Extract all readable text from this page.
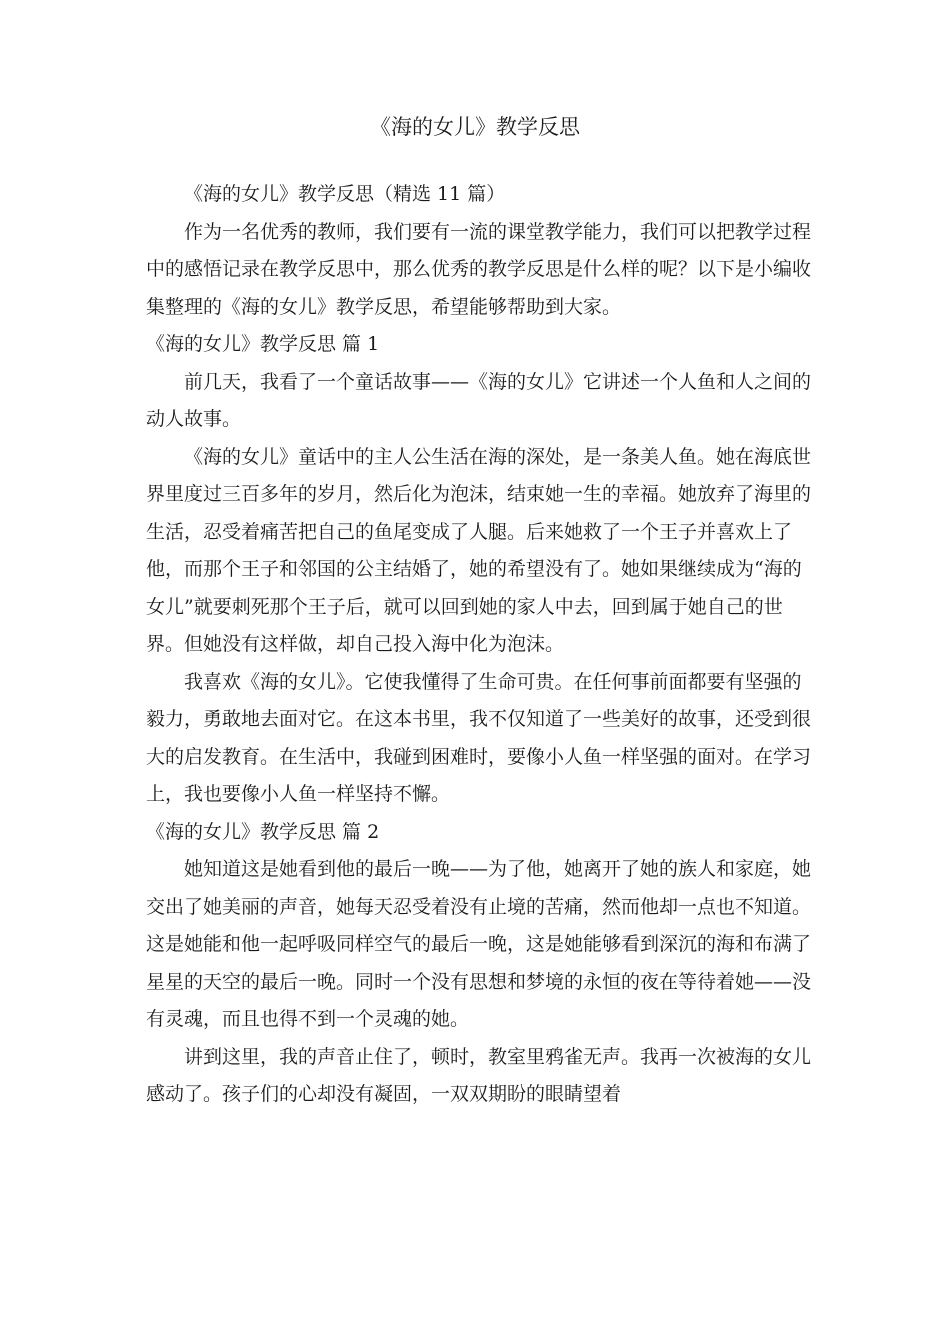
《海的女儿》教学反思

《海的女儿》教学反思（精选 11 篇）

作为一名优秀的教师，我们要有一流的课堂教学能力，我们可以把教学过程中的感悟记录在教学反思中，那么优秀的教学反思是什么样的呢？以下是小编收集整理的《海的女儿》教学反思，希望能够帮助到大家。

《海的女儿》教学反思 篇 1

前几天，我看了一个童话故事——《海的女儿》它讲述一个人鱼和人之间的动人故事。

《海的女儿》童话中的主人公生活在海的深处，是一条美人鱼。她在海底世界里度过三百多年的岁月，然后化为泡沫，结束她一生的幸福。她放弃了海里的生活，忍受着痛苦把自己的鱼尾变成了人腿。后来她救了一个王子并喜欢上了他，而那个王子和邻国的公主结婚了，她的希望没有了。她如果继续成为“海的女儿”就要刺死那个王子后，就可以回到她的家人中去，回到属于她自己的世界。但她没有这样做，却自己投入海中化为泡沫。

我喜欢《海的女儿》。它使我懂得了生命可贵。在任何事前面都要有坚强的毅力，勇敢地去面对它。在这本书里，我不仅知道了一些美好的故事，还受到很大的启发教育。在生活中，我碰到困难时，要像小人鱼一样坚强的面对。在学习 上，我也要像小人鱼一样坚持不懈。

《海的女儿》教学反思 篇 2

她知道这是她看到他的最后一晚——为了他，她离开了她的族人和家庭，她交出了她美丽的声音，她每天忍受着没有止境的苦痛，然而他却一点也不知道。这是她能和他一起呼吸同样空气的最后一晚，这是她能够看到深沉的海和布满了星星的天空的最后一晚。同时一个没有思想和梦境的永恒的夜在等待着她——没有灵魂，而且也得不到一个灵魂的她。

讲到这里，我的声音止住了，顿时，教室里鸦雀无声。我再一次被海的女儿感动了。孩子们的心却没有凝固，一双双期盼的眼睛望着
